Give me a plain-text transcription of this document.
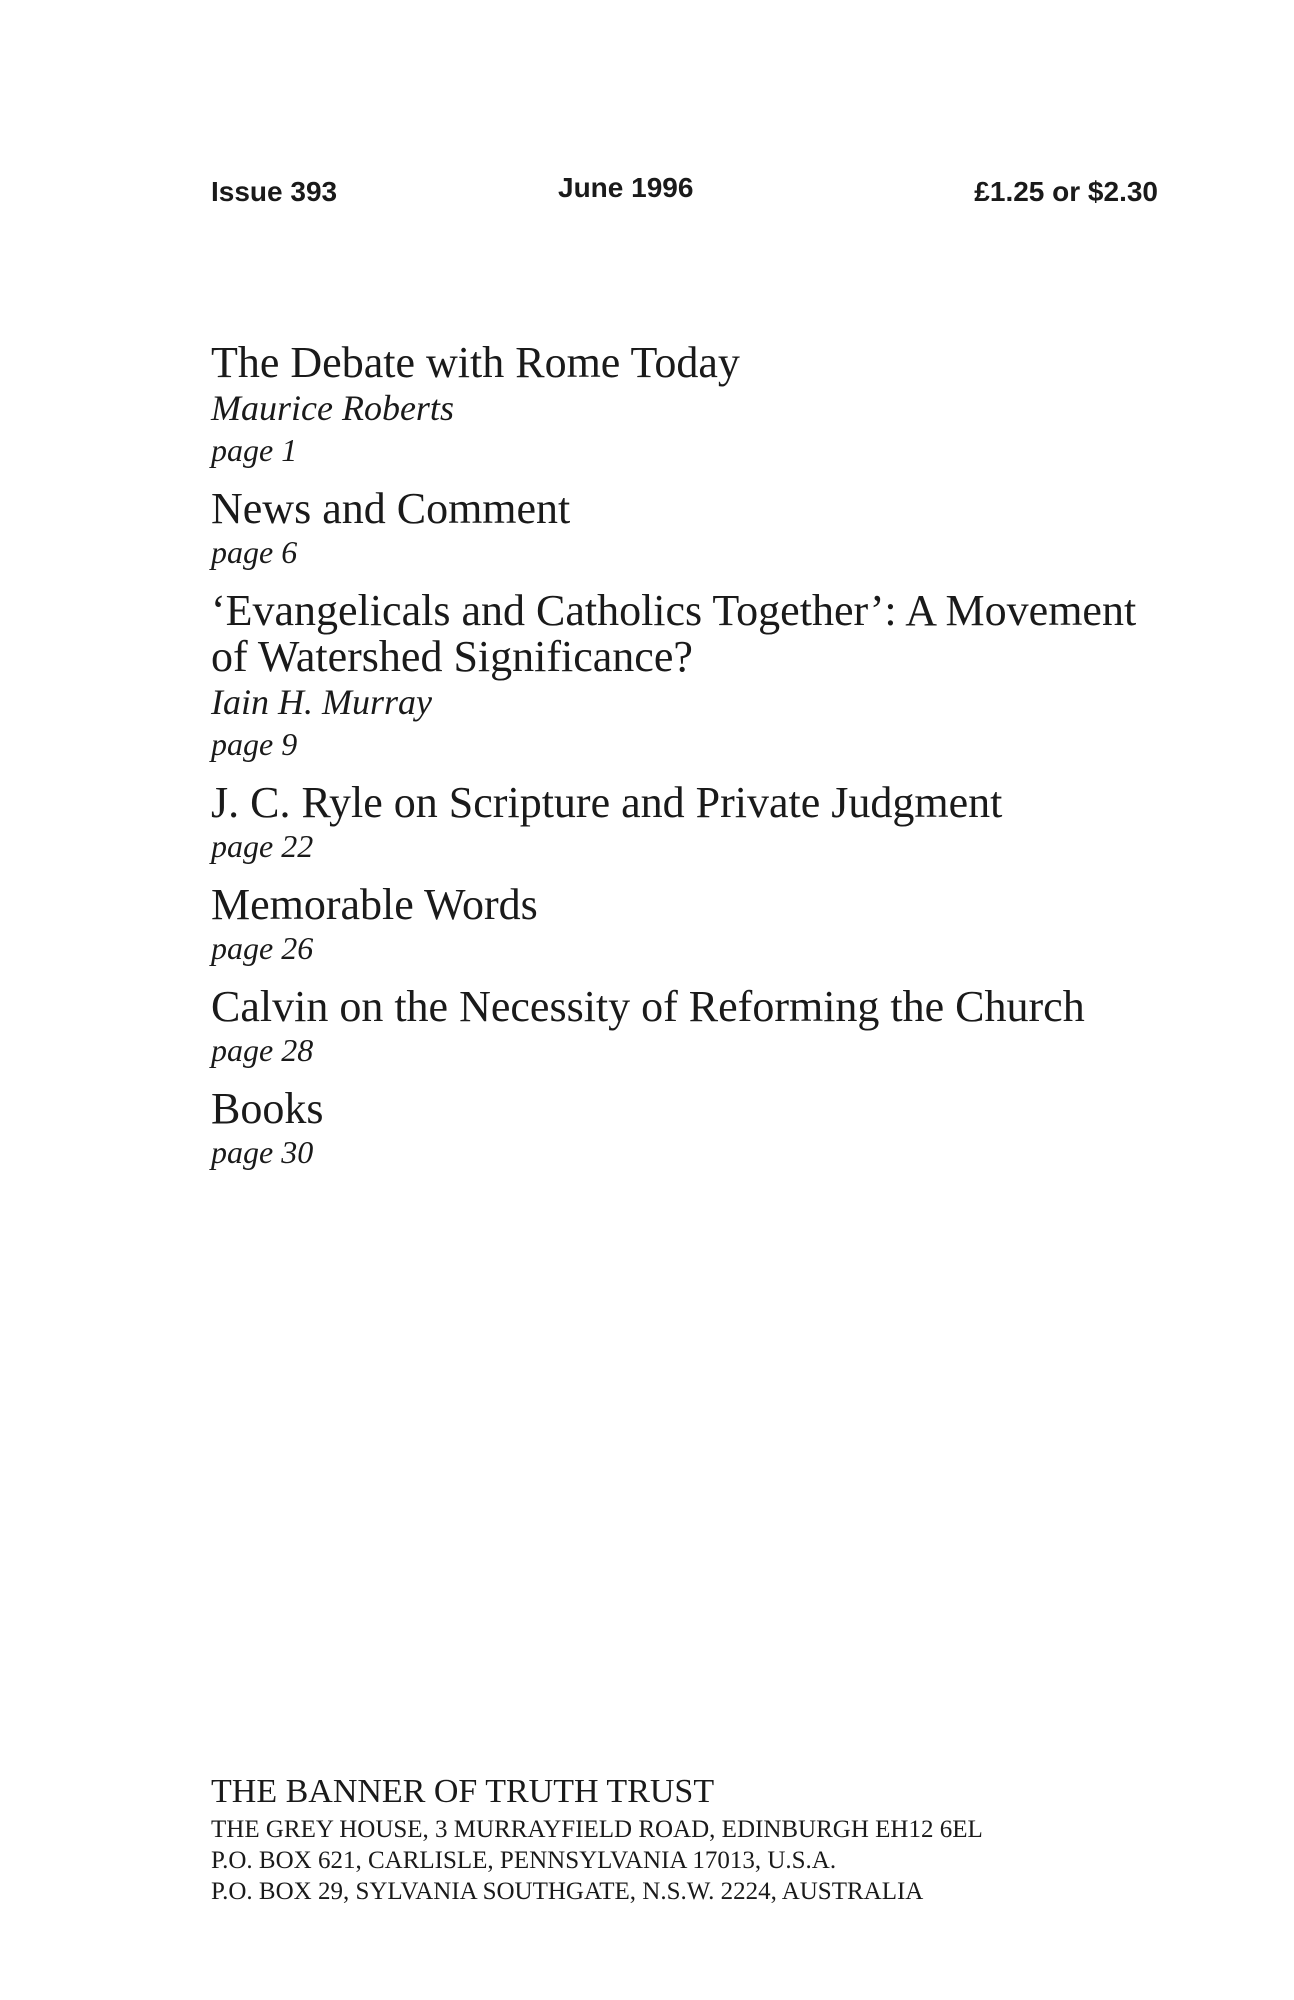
Issue 393	June 1996	£1.25 or $2.30
The Debate with Rome Today
Maurice Roberts
page 1
News and Comment
page 6
‘Evangelicals and Catholics Together’: A Movement of Watershed Significance?
Iain H. Murray
page 9
J. C. Ryle on Scripture and Private Judgment
page 22
Memorable Words
page 26
Calvin on the Necessity of Reforming the Church
page 28
Books
page 30
THE BANNER OF TRUTH TRUST
THE GREY HOUSE, 3 MURRAYFIELD ROAD, EDINBURGH EH12 6EL
P.O. BOX 621, CARLISLE, PENNSYLVANIA 17013, U.S.A.
P.O. BOX 29, SYLVANIA SOUTHGATE, N.S.W. 2224, AUSTRALIA
